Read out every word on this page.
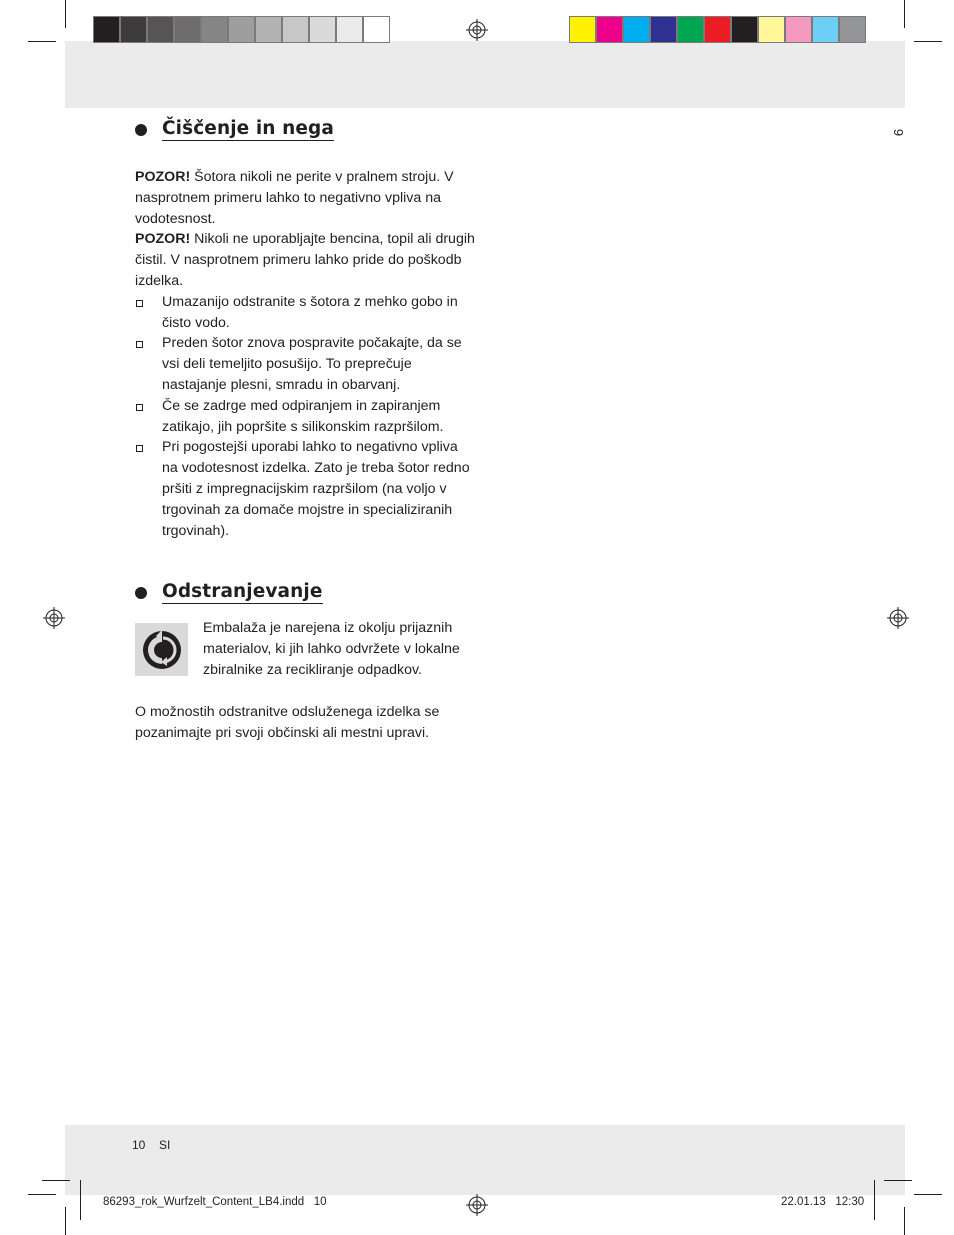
9
Čiščenje in nega

POZOR! Šotora nikoli ne perite v pralnem stroju. V nasprotnem primeru lahko to negativno vpliva na vodotesnost.

POZOR! Nikoli ne uporabljajte bencina, topil ali drugih čistil. V nasprotnem primeru lahko pride do poškodb izdelka.

Umazanijo odstranite s šotora z mehko gobo in čisto vodo.
Preden šotor znova pospravite počakajte, da se vsi deli temeljito posušijo. To preprečuje nastajanje plesni, smradu in obarvanj.
Če se zadrge med odpiranjem in zapiranjem zatikajo, jih popršite s silikonskim razpršilom.
Pri pogostejši uporabi lahko to negativno vpliva na vodotesnost izdelka. Zato je treba šotor redno pršiti z impregnacijskim razpršilom (na voljo v trgovinah za domače mojstre in specializiranih trgovinah).
Odstranjevanje

Embalaža je narejena iz okolju prijaznih materialov, ki jih lahko odvržete v lokalne zbiralnike za recikliranje odpadkov.

O možnostih odstranitve odsluženega izdelka se pozanimajte pri svoji občinski ali mestni upravi.

10 SI
86293_rok_Wurfzelt_Content_LB4.indd   10	22.01.13   12:30
